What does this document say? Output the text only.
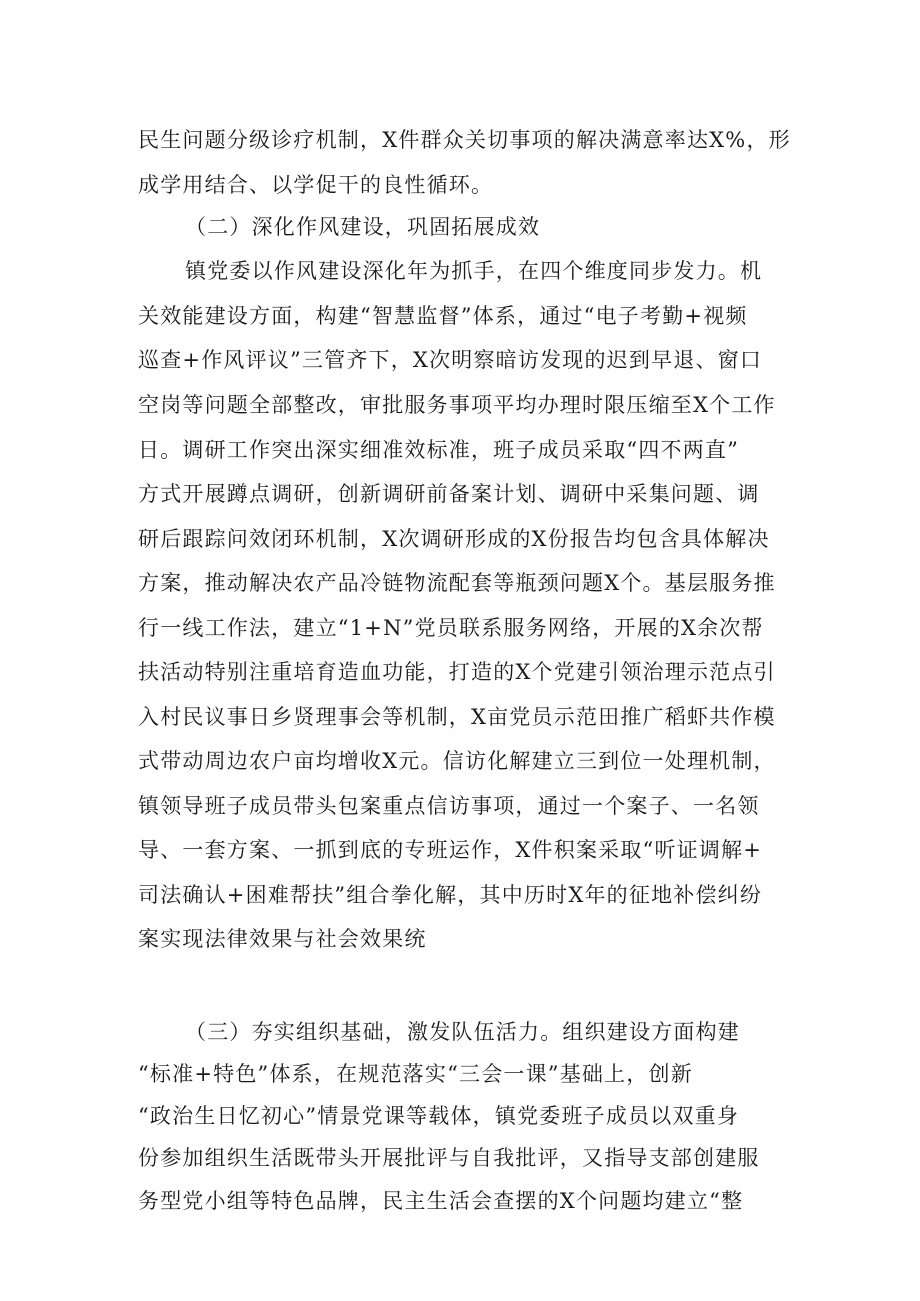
民生问题分级诊疗机制，X件群众关切事项的解决满意率达X%，形
成学用结合、以学促干的良性循环。
（二）深化作风建设，巩固拓展成效
镇党委以作风建设深化年为抓手，在四个维度同步发力。机
关效能建设方面，构建“智慧监督”体系，通过“电子考勤+视频
巡查+作风评议”三管齐下，X次明察暗访发现的迟到早退、窗口
空岗等问题全部整改，审批服务事项平均办理时限压缩至X个工作
日。调研工作突出深实细准效标准，班子成员采取“四不两直”
方式开展蹲点调研，创新调研前备案计划、调研中采集问题、调
研后跟踪问效闭环机制，X次调研形成的X份报告均包含具体解决
方案，推动解决农产品冷链物流配套等瓶颈问题X个。基层服务推
行一线工作法，建立“1+N”党员联系服务网络，开展的X余次帮
扶活动特别注重培育造血功能，打造的X个党建引领治理示范点引
入村民议事日乡贤理事会等机制，X亩党员示范田推广稻虾共作模
式带动周边农户亩均增收X元。信访化解建立三到位一处理机制，
镇领导班子成员带头包案重点信访事项，通过一个案子、一名领
导、一套方案、一抓到底的专班运作，X件积案采取“听证调解+
司法确认+困难帮扶”组合拳化解，其中历时X年的征地补偿纠纷
案实现法律效果与社会效果统
（三）夯实组织基础，激发队伍活力。组织建设方面构建
“标准+特色”体系，在规范落实“三会一课”基础上，创新
“政治生日忆初心”情景党课等载体，镇党委班子成员以双重身
份参加组织生活既带头开展批评与自我批评，又指导支部创建服
务型党小组等特色品牌，民主生活会查摆的X个问题均建立“整
